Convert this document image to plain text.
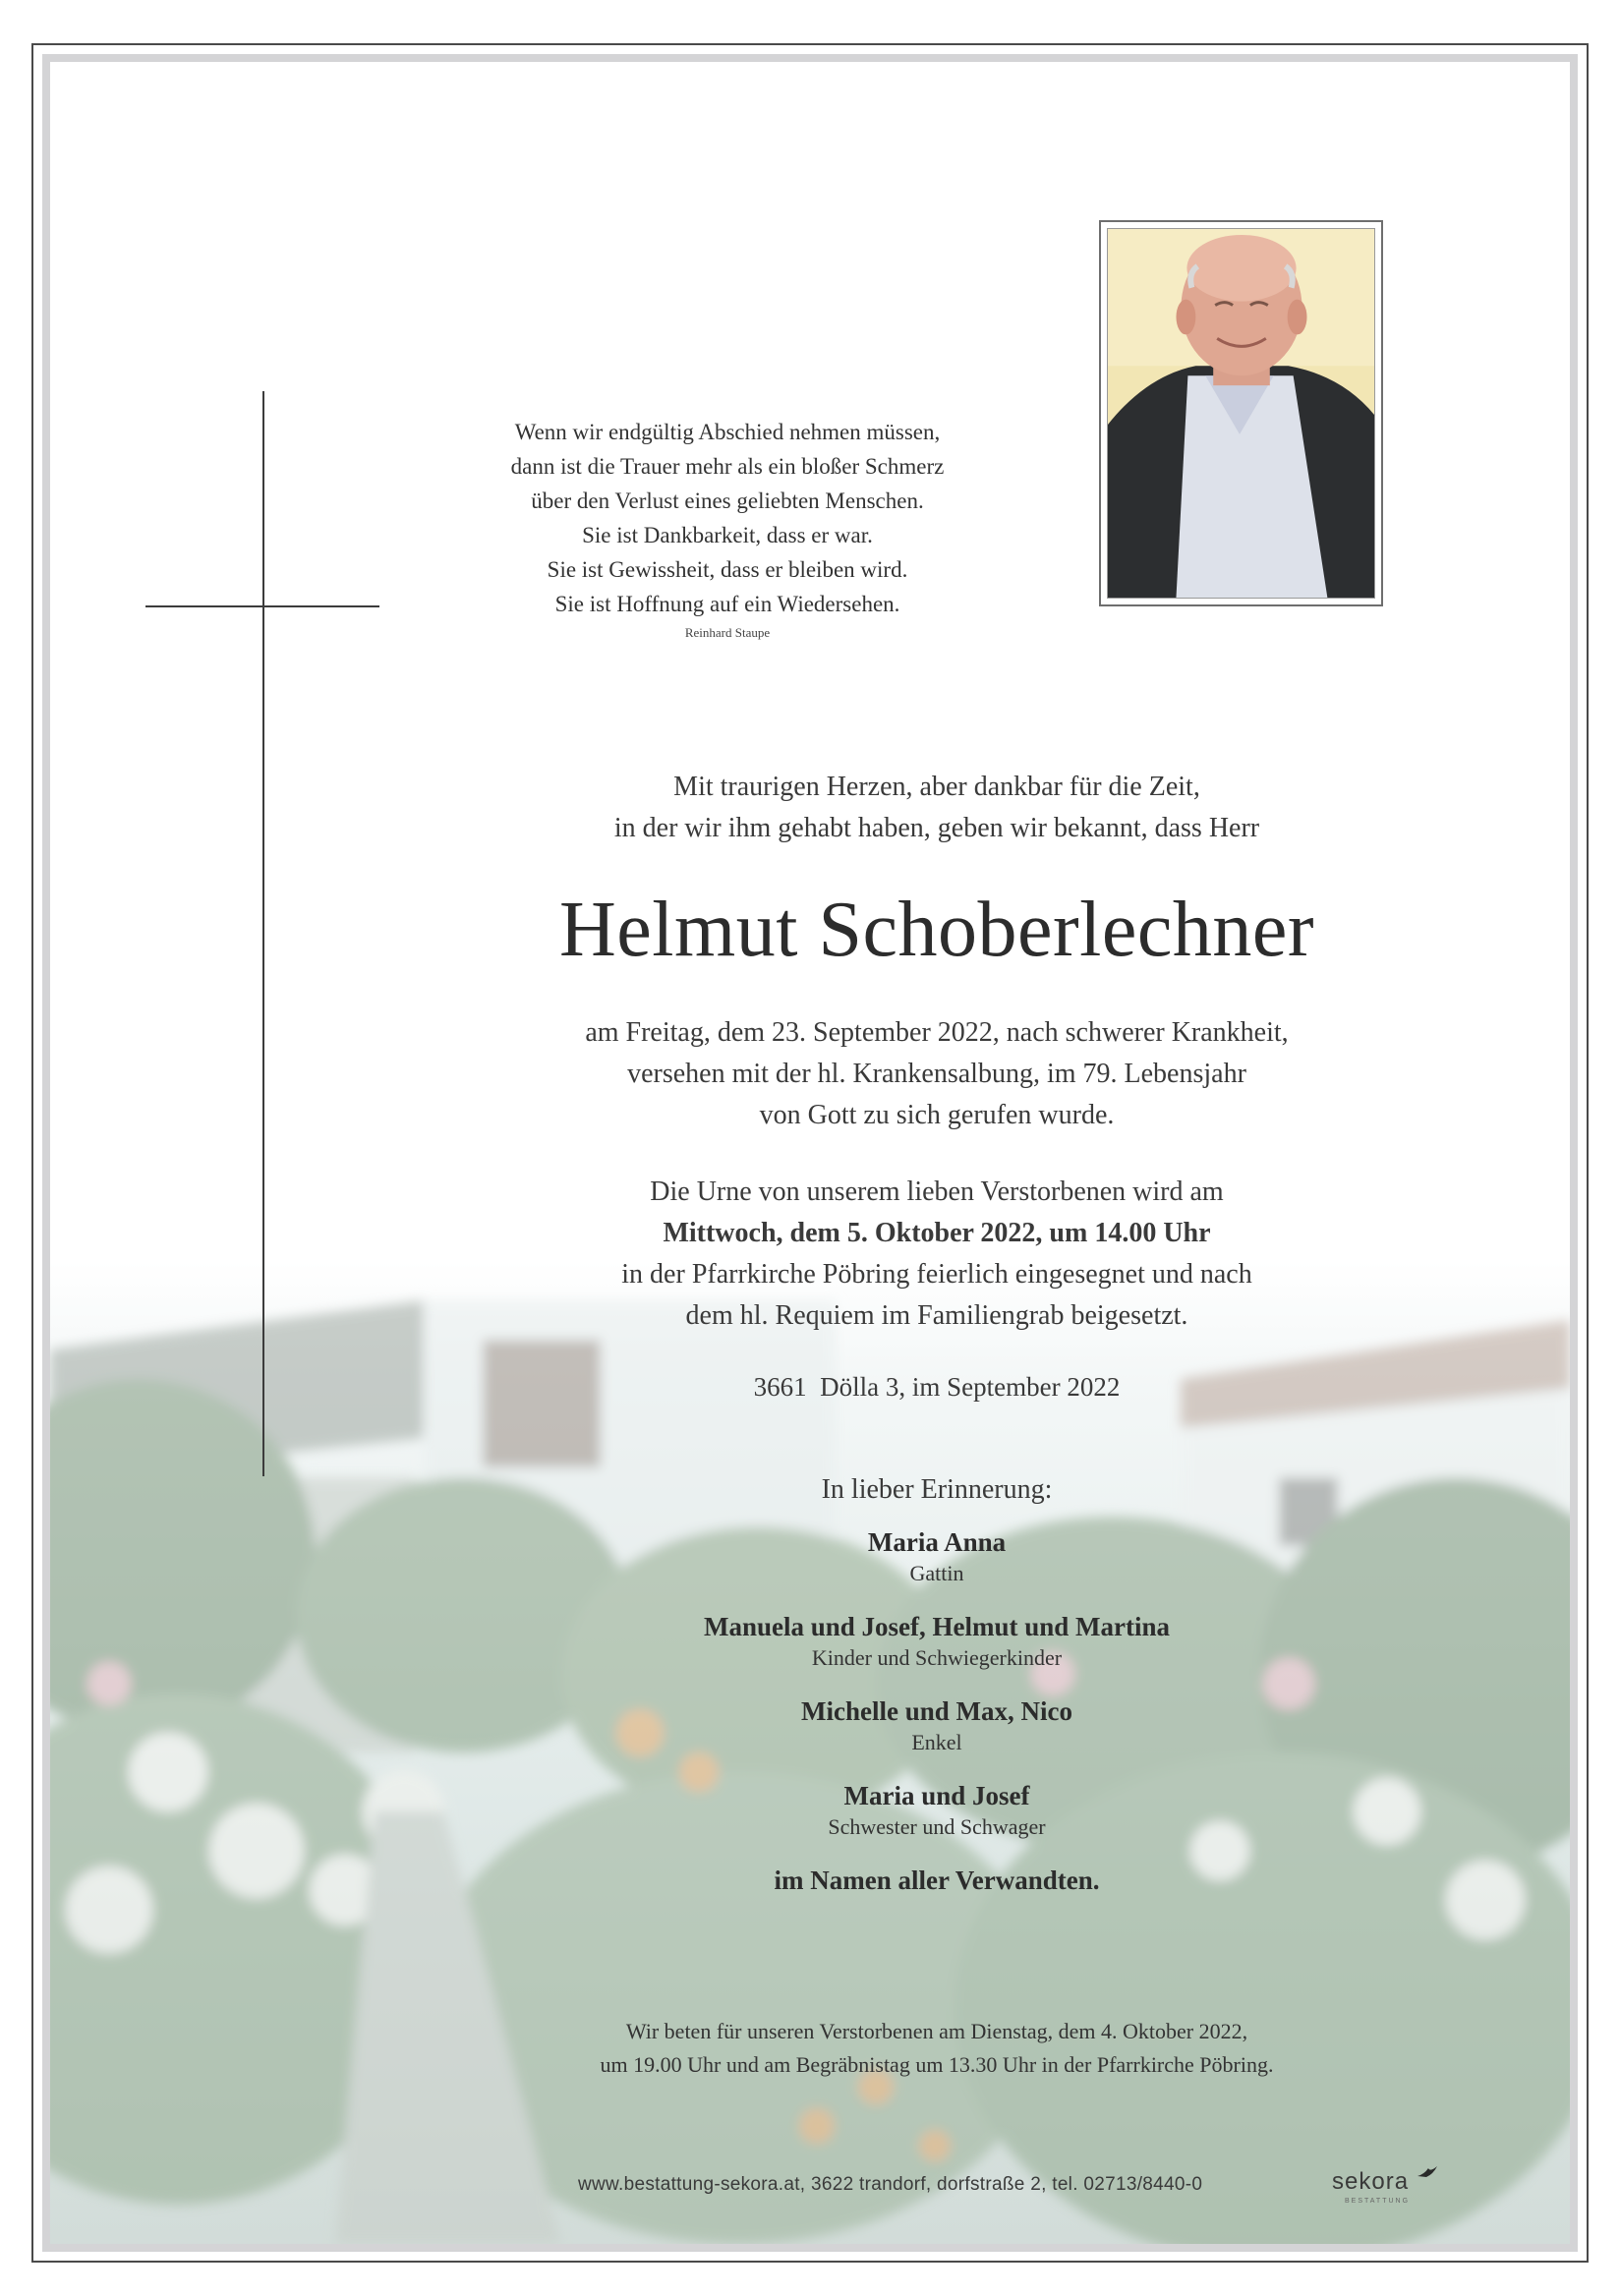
Wenn wir endgültig Abschied nehmen müssen,
dann ist die Trauer mehr als ein bloßer Schmerz
über den Verlust eines geliebten Menschen.
Sie ist Dankbarkeit, dass er war.
Sie ist Gewissheit, dass er bleiben wird.
Sie ist Hoffnung auf ein Wiedersehen.
Reinhard Staupe
Mit traurigen Herzen, aber dankbar für die Zeit,
in der wir ihm gehabt haben, geben wir bekannt, dass Herr
Helmut Schoberlechner
am Freitag, dem 23. September 2022, nach schwerer Krankheit,
versehen mit der hl. Krankensalbung, im 79. Lebensjahr
von Gott zu sich gerufen wurde.
Die Urne von unserem lieben Verstorbenen wird am
Mittwoch, dem 5. Oktober 2022, um 14.00 Uhr
in der Pfarrkirche Pöbring feierlich eingesegnet und nach
dem hl. Requiem im Familiengrab beigesetzt.
3661  Dölla 3, im September 2022
In lieber Erinnerung:
Maria Anna
Gattin
Manuela und Josef, Helmut und Martina
Kinder und Schwiegerkinder
Michelle und Max, Nico
Enkel
Maria und Josef
Schwester und Schwager
im Namen aller Verwandten.
Wir beten für unseren Verstorbenen am Dienstag, dem 4. Oktober 2022,
um 19.00 Uhr und am Begräbnistag um 13.30 Uhr in der Pfarrkirche Pöbring.
www.bestattung-sekora.at, 3622 trandorf, dorfstraße 2, tel. 02713/8440-0	sekora
BESTATTUNG
